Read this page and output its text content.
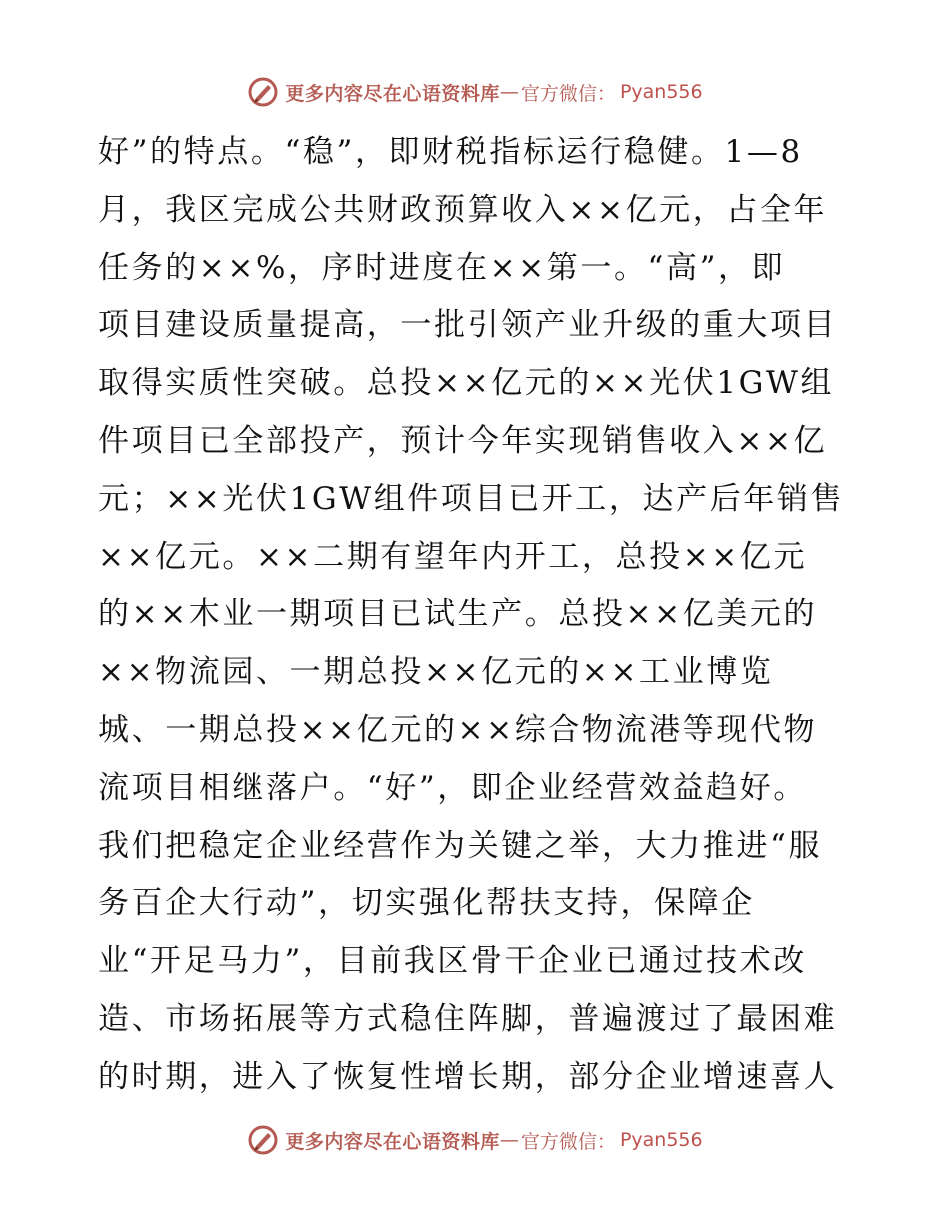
更多内容尽在心语资料库 — 官方微信： Pyan556
好”的特点。“稳”，即财税指标运行稳健。1—8
月，我区完成公共财政预算收入××亿元，占全年
任务的××%，序时进度在××第一。“高”，即
项目建设质量提高，一批引领产业升级的重大项目
取得实质性突破。总投××亿元的××光伏1GW组
件项目已全部投产，预计今年实现销售收入××亿
元；××光伏1GW组件项目已开工，达产后年销售
××亿元。××二期有望年内开工，总投××亿元
的××木业一期项目已试生产。总投××亿美元的
××物流园、一期总投××亿元的××工业博览
城、一期总投××亿元的××综合物流港等现代物
流项目相继落户。“好”，即企业经营效益趋好。
我们把稳定企业经营作为关键之举，大力推进“服
务百企大行动”，切实强化帮扶支持，保障企
业“开足马力”，目前我区骨干企业已通过技术改
造、市场拓展等方式稳住阵脚，普遍渡过了最困难
的时期，进入了恢复性增长期，部分企业增速喜人
更多内容尽在心语资料库 — 官方微信： Pyan556
